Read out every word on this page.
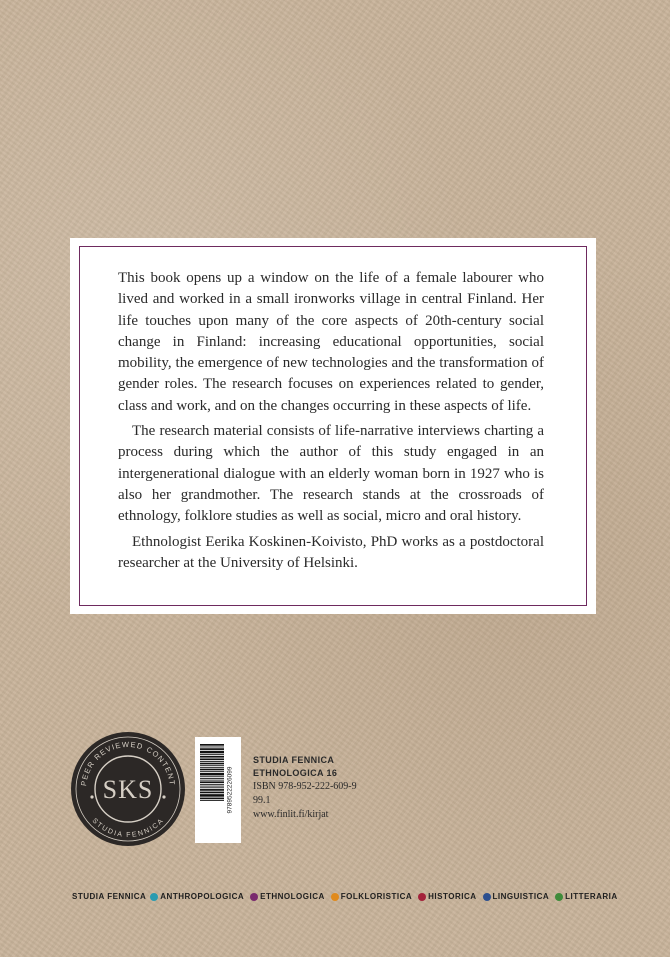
This book opens up a window on the life of a female labourer who lived and worked in a small ironworks village in central Finland. Her life touches upon many of the core aspects of 20th-century social change in Finland: increasing educational opportunities, social mobility, the emergence of new technologies and the transformation of gender roles. The research focuses on experiences related to gender, class and work, and on the changes occurring in these aspects of life.

The research material consists of life-narrative interviews charting a process during which the author of this study engaged in an intergenerational dialogue with an elderly woman born in 1927 who is also her grandmother. The research stands at the crossroads of ethnology, folklore studies as well as social, micro and oral history.

Ethnologist Eerika Koskinen-Koivisto, PhD works as a postdoctoral researcher at the University of Helsinki.

PEER REVIEWED CONTENT
STUDIA FENNICA
SKS	9789522226099
STUDIA FENNICA
ETHNOLOGICA 16
ISBN 978-952-222-609-9
99.1
www.finlit.fi/kirjat
STUDIA FENNICA ANTHROPOLOGICA ETHNOLOGICA FOLKLORISTICA HISTORICA LINGUISTICA LITTERARIA
